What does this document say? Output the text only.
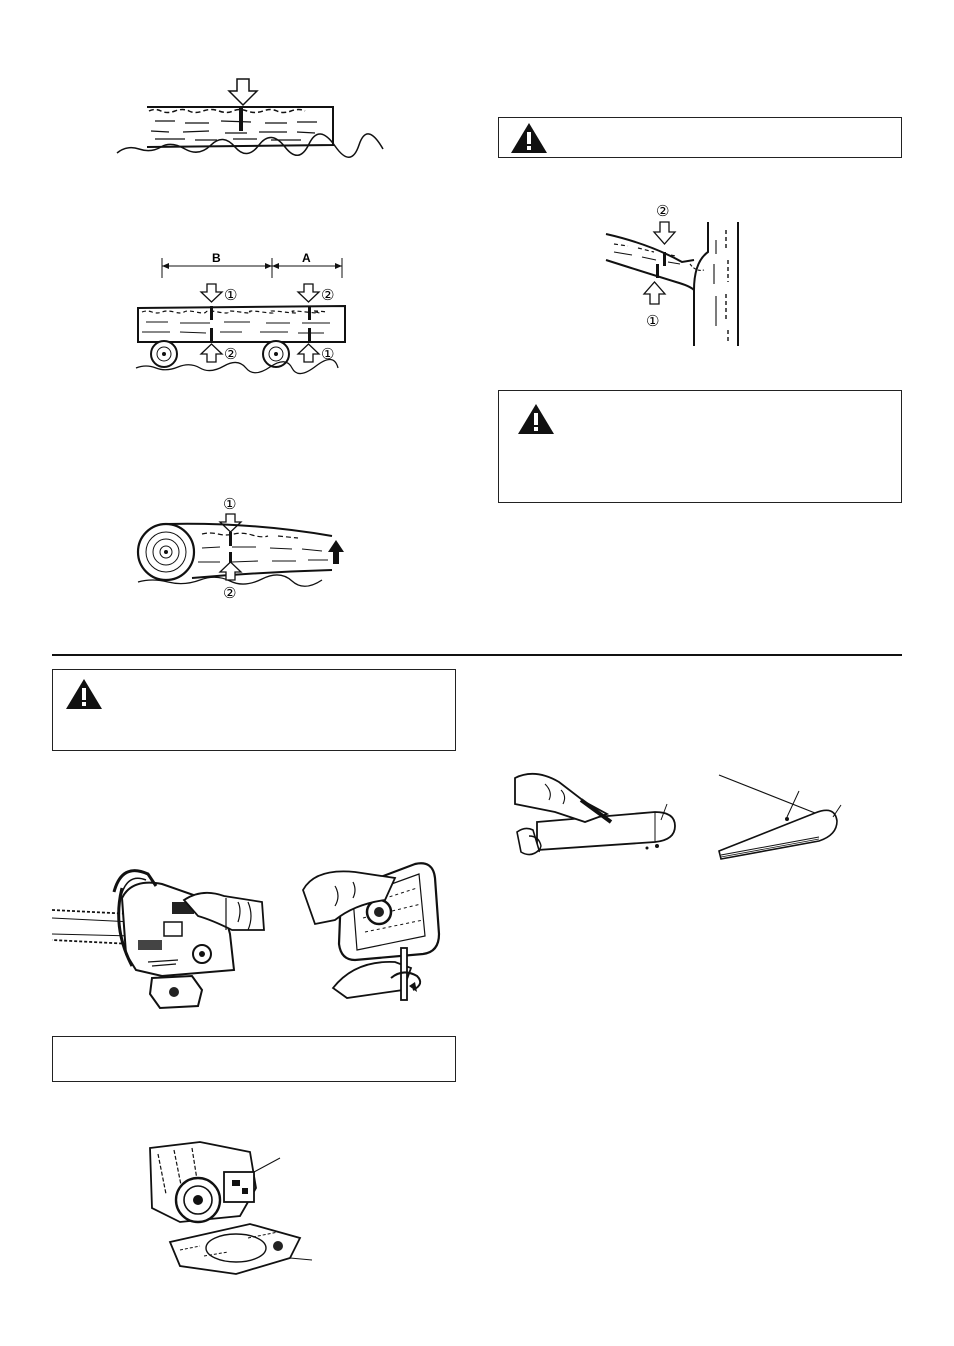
B	A
①
②
②
①
①
②
②
①
